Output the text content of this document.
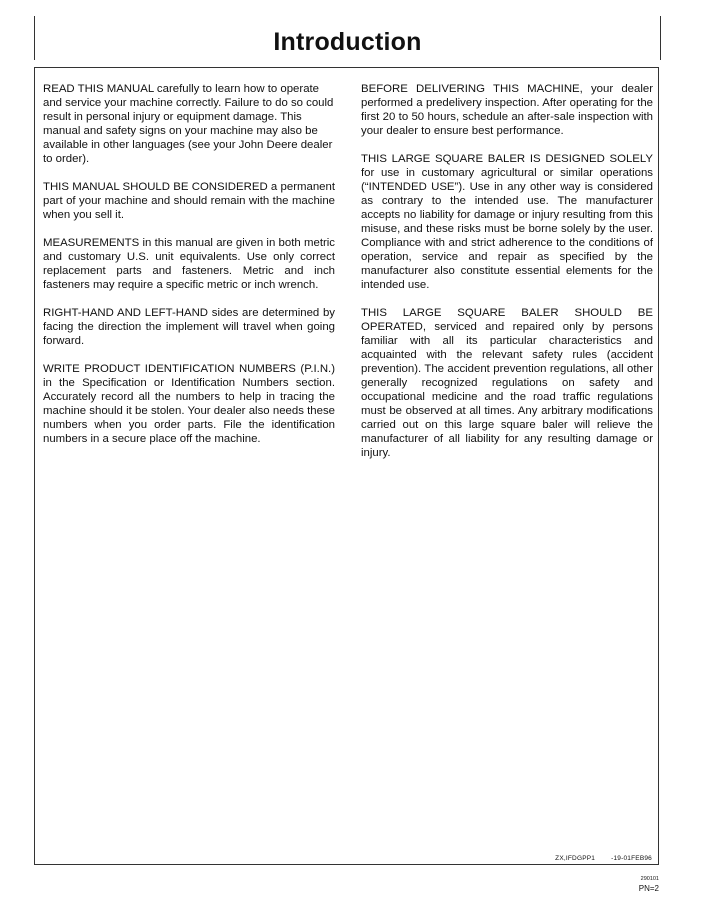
Introduction

READ THIS MANUAL carefully to learn how to operate and service your machine correctly. Failure to do so could result in personal injury or equipment damage. This manual and safety signs on your machine may also be available in other languages (see your John Deere dealer to order).

THIS MANUAL SHOULD BE CONSIDERED a permanent part of your machine and should remain with the machine when you sell it.

MEASUREMENTS in this manual are given in both metric and customary U.S. unit equivalents. Use only correct replacement parts and fasteners. Metric and inch fasteners may require a specific metric or inch wrench.

RIGHT-HAND AND LEFT-HAND sides are determined by facing the direction the implement will travel when going forward.

WRITE PRODUCT IDENTIFICATION NUMBERS (P.I.N.) in the Specification or Identification Numbers section. Accurately record all the numbers to help in tracing the machine should it be stolen. Your dealer also needs these numbers when you order parts. File the identification numbers in a secure place off the machine.

BEFORE DELIVERING THIS MACHINE, your dealer performed a predelivery inspection. After operating for the first 20 to 50 hours, schedule an after-sale inspection with your dealer to ensure best performance.

THIS LARGE SQUARE BALER IS DESIGNED SOLELY for use in customary agricultural or similar operations (“INTENDED USE”). Use in any other way is considered as contrary to the intended use. The manufacturer accepts no liability for damage or injury resulting from this misuse, and these risks must be borne solely by the user. Compliance with and strict adherence to the conditions of operation, service and repair as specified by the manufacturer also constitute essential elements for the intended use.

THIS LARGE SQUARE BALER SHOULD BE OPERATED, serviced and repaired only by persons familiar with all its particular characteristics and acquainted with the relevant safety rules (accident prevention). The accident prevention regulations, all other generally recognized regulations on safety and occupational medicine and the road traffic regulations must be observed at all times. Any arbitrary modifications carried out on this large square baler will relieve the manufacturer of all liability for any resulting damage or injury.

ZX,IFDGPP1 -19-01FEB96
290101
PN=2
